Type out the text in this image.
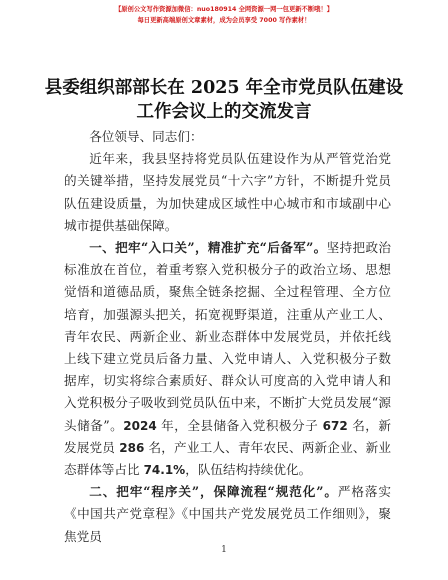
【原创公文写作资源加微信：nuo180914 全网资源一网一包更新不断哦！】
每日更新高端原创文章素材，成为会员享受 7000 写作素材！
县委组织部部长在 2025 年全市党员队伍建设工作会议上的交流发言

各位领导、同志们：

近年来，我县坚持将党员队伍建设作为从严管党治党的关键举措，坚持发展党员“十六字”方针，不断提升党员队伍建设质量，为加快建成区域性中心城市和市域副中心城市提供基础保障。

一、把牢“入口关”，精准扩充“后备军”。坚持把政治标准放在首位，着重考察入党积极分子的政治立场、思想觉悟和道德品质，聚焦全链条挖掘、全过程管理、全方位培育，加强源头把关，拓宽视野渠道，注重从产业工人、青年农民、两新企业、新业态群体中发展党员，并依托线上线下建立党员后备力量、入党申请人、入党积极分子数据库，切实将综合素质好、群众认可度高的入党申请人和入党积极分子吸收到党员队伍中来，不断扩大党员发展“源头储备”。2024 年，全县储备入党积极分子 672 名，新发展党员 286 名，产业工人、青年农民、两新企业、新业态群体等占比 74.1%，队伍结构持续优化。

二、把牢“程序关”，保障流程“规范化”。严格落实《中国共产党章程》《中国共产党发展党员工作细则》，聚焦党员

1
